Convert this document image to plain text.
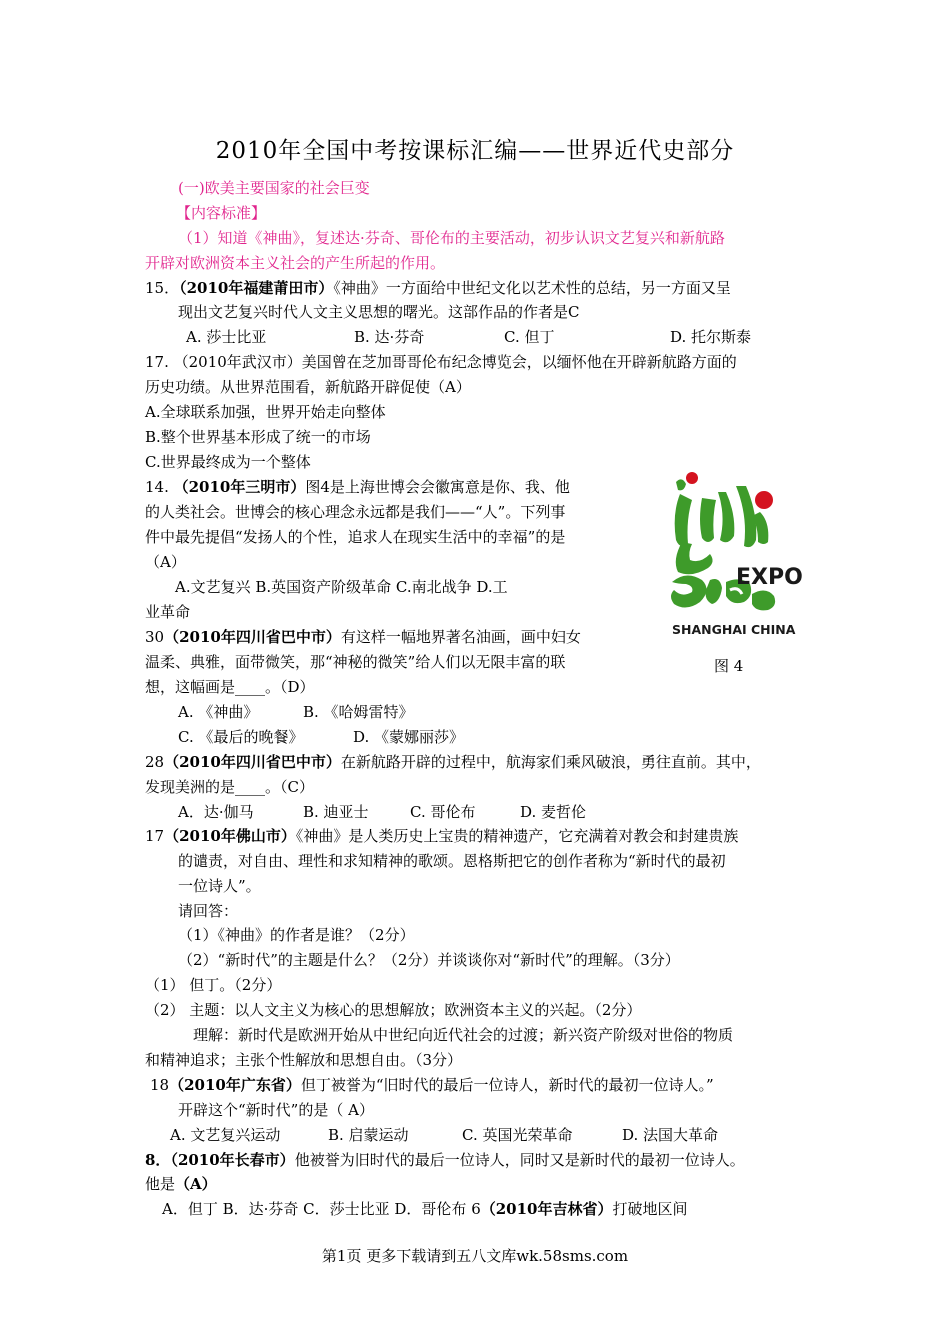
2010年全国中考按课标汇编——世界近代史部分
(一)欧美主要国家的社会巨变
【内容标准】
（1）知道《神曲》，复述达·芬奇、哥伦布的主要活动，初步认识文艺复兴和新航路
开辟对欧洲资本主义社会的产生所起的作用。
15．（2010年福建莆田市）《神曲》一方面给中世纪文化以艺术性的总结，另一方面又呈
现出文艺复兴时代人文主义思想的曙光。这部作品的作者是C
A. 莎士比亚	B. 达·芬奇	C. 但丁	D. 托尔斯泰
17. （2010年武汉市）美国曾在芝加哥哥伦布纪念博览会，以缅怀他在开辟新航路方面的
历史功绩。从世界范围看，新航路开辟促使（A）
A.全球联系加强，世界开始走向整体
B.整个世界基本形成了统一的市场
C.世界最终成为一个整体
14. （2010年三明市）图4是上海世博会会徽寓意是你、我、他
的人类社会。世博会的核心理念永远都是我们——“人”。下列事
件中最先提倡“发扬人的个性，追求人在现实生活中的幸福”的是
（A）
A.文艺复兴 B.英国资产阶级革命 C.南北战争 D.工
业革命
EXPO
SHANGHAI CHINA
30（2010年四川省巴中市）有这样一幅地界著名油画，画中妇女
图 4
温柔、典雅，面带微笑，那“神秘的微笑”给人们以无限丰富的联
想，这幅画是____。（D）
A. 《神曲》	B. 《哈姆雷特》
C. 《最后的晚餐》	D. 《蒙娜丽莎》
28（2010年四川省巴中市）在新航路开辟的过程中，航海家们乘风破浪，勇往直前。其中，
发现美洲的是____。（C）
A．达·伽马	B. 迪亚士	C. 哥伦布	D. 麦哲伦
17（2010年佛山市）《神曲》是人类历史上宝贵的精神遗产，它充满着对教会和封建贵族
的谴责，对自由、理性和求知精神的歌颂。恩格斯把它的创作者称为“新时代的最初
一位诗人”。
请回答：
（1）《神曲》的作者是谁？（2分）
（2）“新时代”的主题是什么？（2分）并谈谈你对“新时代”的理解。（3分）
（1） 但丁。（2分）
（2） 主题：以人文主义为核心的思想解放；欧洲资本主义的兴起。（2分）
理解：新时代是欧洲开始从中世纪向近代社会的过渡；新兴资产阶级对世俗的物质
和精神追求；主张个性解放和思想自由。（3分）
18（2010年广东省）但丁被誉为“旧时代的最后一位诗人，新时代的最初一位诗人。”
开辟这个“新时代”的是（ A）
A. 文艺复兴运动	B. 启蒙运动	C. 英国光荣革命	D. 法国大革命
8．（2010年长春市）他被誉为旧时代的最后一位诗人，同时又是新时代的最初一位诗人。
他是（A）
A．但丁 B．达·芬奇 C．莎士比亚 D．哥伦布 6（2010年吉林省）打破地区间
第1页 更多下载请到五八文库wk.58sms.com
